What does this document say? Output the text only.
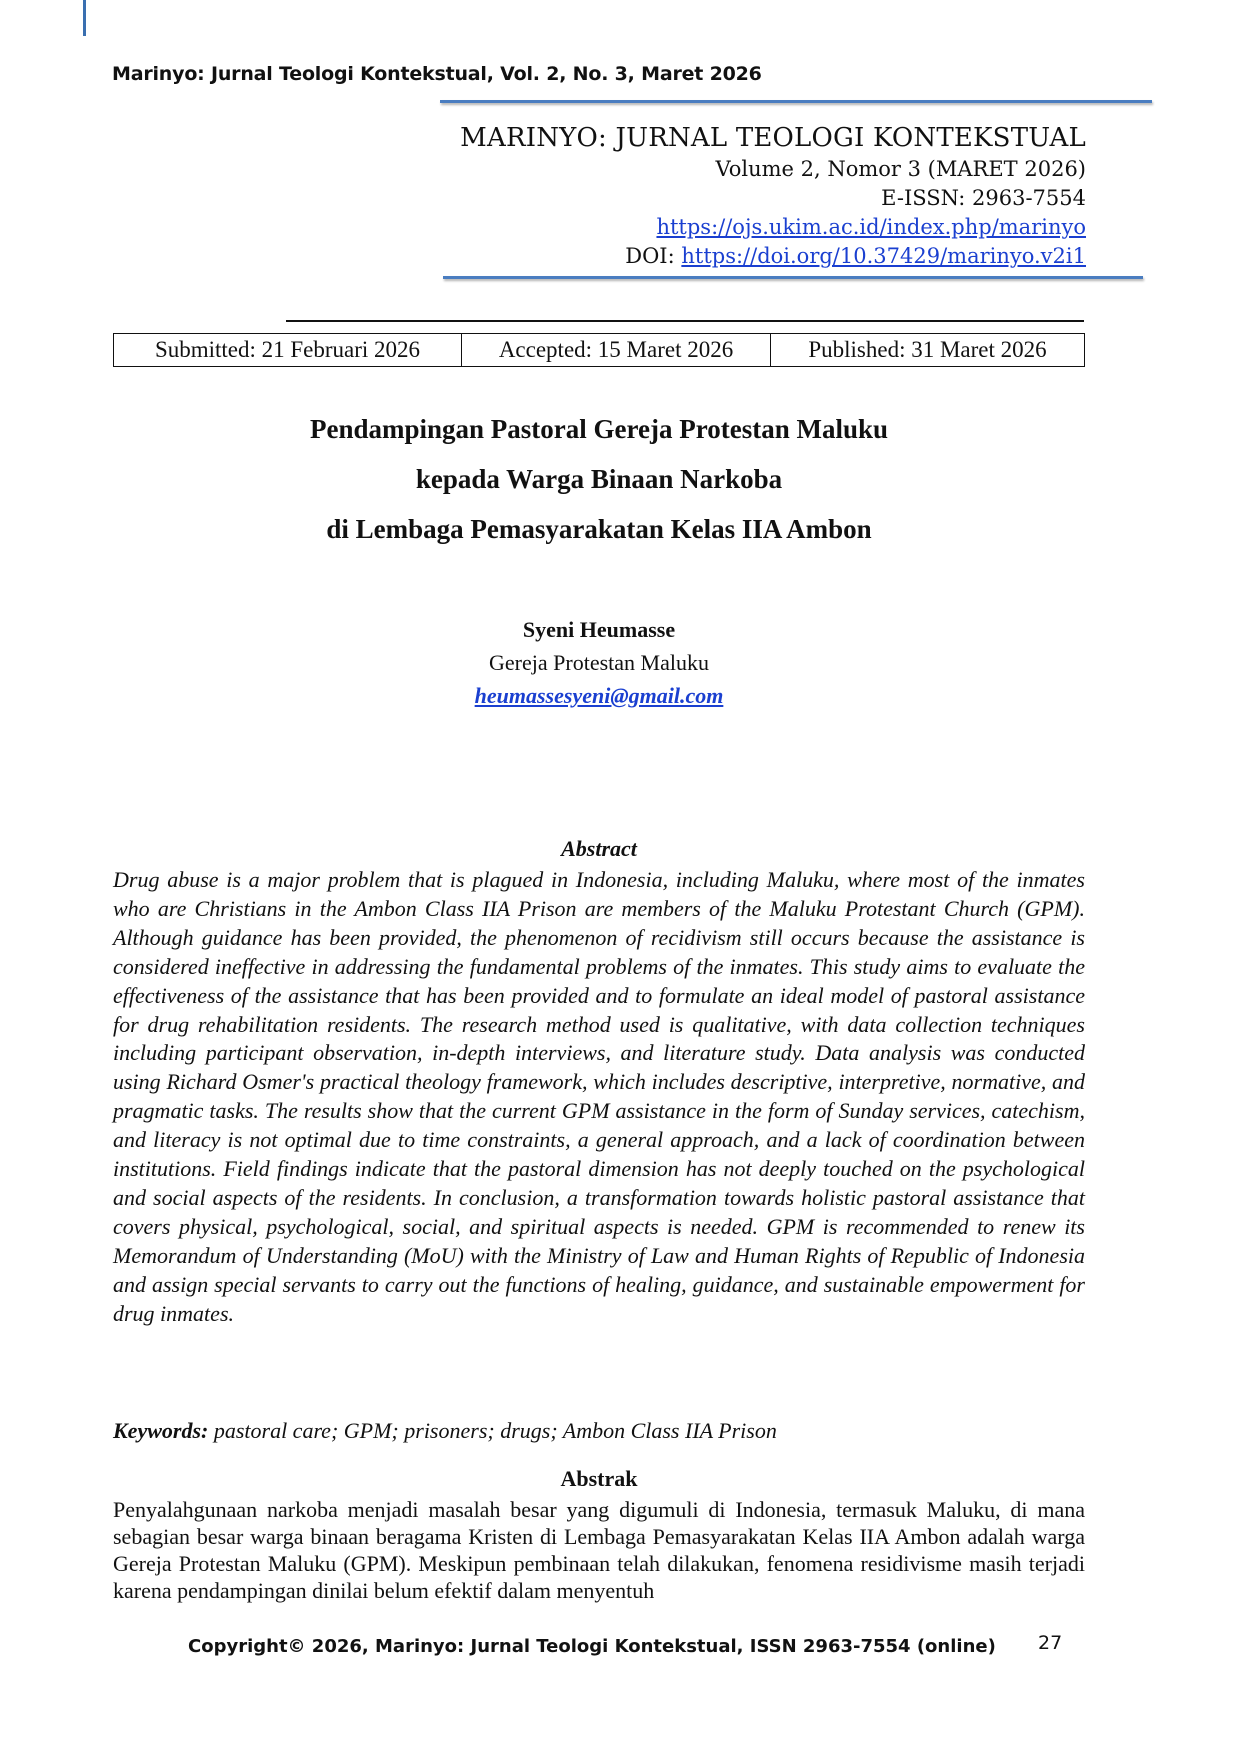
Marinyo: Jurnal Teologi Kontekstual, Vol. 2, No. 3, Maret 2026
MARINYO: JURNAL TEOLOGI KONTEKSTUAL
Volume 2, Nomor 3 (MARET 2026)
E-ISSN: 2963-7554
https://ojs.ukim.ac.id/index.php/marinyo
DOI: https://doi.org/10.37429/marinyo.v2i1
Submitted: 21 Februari 2026	Accepted: 15 Maret 2026	Published: 31 Maret 2026
Pendampingan Pastoral Gereja Protestan Maluku
kepada Warga Binaan Narkoba
di Lembaga Pemasyarakatan Kelas IIA Ambon
Syeni Heumasse
Gereja Protestan Maluku
heumassesyeni@gmail.com
Abstract
Drug abuse is a major problem that is plagued in Indonesia, including Maluku, where most of the inmates who are Christians in the Ambon Class IIA Prison are members of the Maluku Protestant Church (GPM). Although guidance has been provided, the phenomenon of recidivism still occurs because the assistance is considered ineffective in addressing the fundamental problems of the inmates. This study aims to evaluate the effectiveness of the assistance that has been provided and to formulate an ideal model of pastoral assistance for drug rehabilitation residents. The research method used is qualitative, with data collection techniques including participant observation, in-depth interviews, and literature study. Data analysis was conducted using Richard Osmer's practical theology framework, which includes descriptive, interpretive, normative, and pragmatic tasks. The results show that the current GPM assistance in the form of Sunday services, catechism, and literacy is not optimal due to time constraints, a general approach, and a lack of coordination between institutions. Field findings indicate that the pastoral dimension has not deeply touched on the psychological and social aspects of the residents. In conclusion, a transformation towards holistic pastoral assistance that covers physical, psychological, social, and spiritual aspects is needed. GPM is recommended to renew its Memorandum of Understanding (MoU) with the Ministry of Law and Human Rights of Republic of Indonesia and assign special servants to carry out the functions of healing, guidance, and sustainable empowerment for drug inmates.
Keywords: pastoral care; GPM; prisoners; drugs; Ambon Class IIA Prison
Abstrak
Penyalahgunaan narkoba menjadi masalah besar yang digumuli di Indonesia, termasuk Maluku, di mana sebagian besar warga binaan beragama Kristen di Lembaga Pemasyarakatan Kelas IIA Ambon adalah warga Gereja Protestan Maluku (GPM). Meskipun pembinaan telah dilakukan, fenomena residivisme masih terjadi karena pendampingan dinilai belum efektif dalam menyentuh
Copyright© 2026, Marinyo: Jurnal Teologi Kontekstual, ISSN 2963-7554 (online) 27
